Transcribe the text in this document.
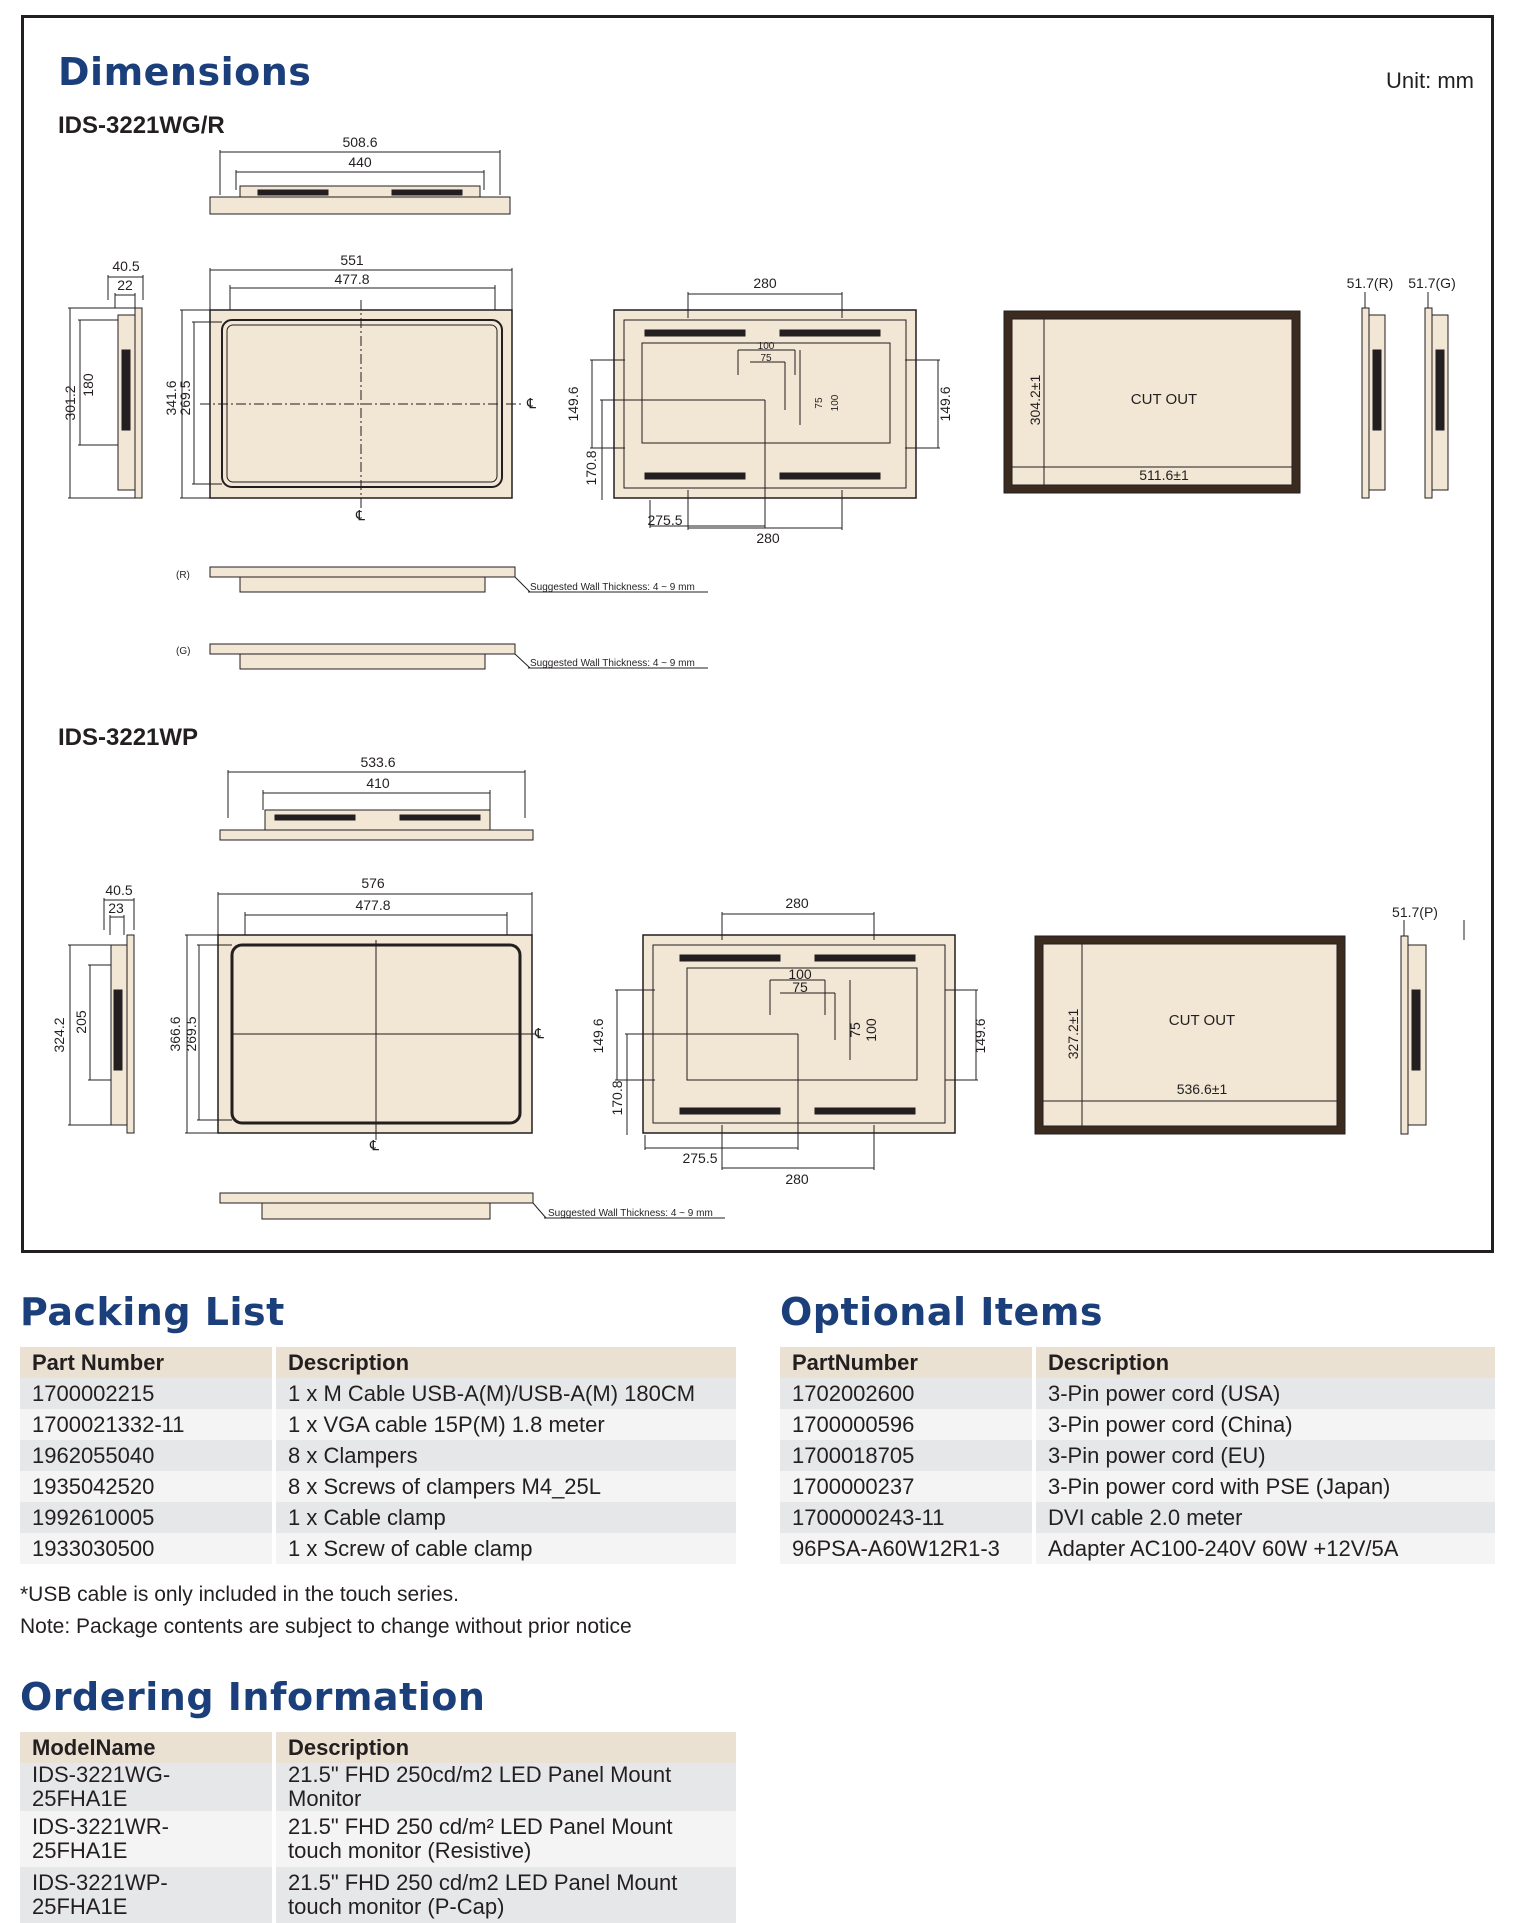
Dimensions	Unit: mm
IDS-3221WG/R
508.6
440
40.5
22
301.2
180
551
477.8
341.6
269.5	℄
℄
280
149.6	149.6
170.8
275.5
280
100
75
75 100	CUT OUT
511.6±1
304.2±1
51.7(R) 51.7(G)
(R)
Suggested Wall Thickness: 4 ~ 9 mm
(G)
Suggested Wall Thickness: 4 ~ 9 mm
IDS-3221WP
533.6
410
40.5
23
324.2 205
576
477.8
366.6 269.5	℄
℄
280
149.6	149.6
170.8
275.5
280
100
75
75 100	CUT OUT
536.6±1
327.2±1
51.7(P)
Suggested Wall Thickness: 4 ~ 9 mm
Packing List
Part Number	Description
1700002215	1 x M Cable USB-A(M)/USB-A(M) 180CM
1700021332-11	1 x VGA cable 15P(M) 1.8 meter
1962055040	8 x Clampers
1935042520	8 x Screws of clampers M4_25L
1992610005	1 x Cable clamp
1933030500	1 x Screw of cable clamp
*USB cable is only included in the touch series.
Note: Package contents are subject to change without prior notice
Optional Items
PartNumber	Description
1702002600	3-Pin power cord (USA)
1700000596	3-Pin power cord (China)
1700018705	3-Pin power cord (EU)
1700000237	3-Pin power cord with PSE (Japan)
1700000243-11	DVI cable 2.0 meter
96PSA-A60W12R1-3	Adapter AC100-240V 60W +12V/5A
Ordering Information
ModelName	Description
IDS-3221WG-25FHA1E	21.5" FHD 250cd/m2 LED Panel Mount Monitor
IDS-3221WR-25FHA1E	21.5" FHD 250 cd/m² LED Panel Mount touch monitor (Resistive)
IDS-3221WP-25FHA1E	21.5" FHD 250 cd/m2 LED Panel Mount touch monitor (P-Cap)
